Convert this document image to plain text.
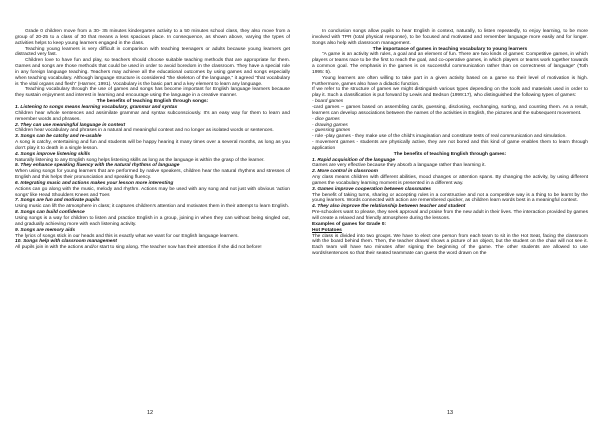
Grade 0 children move from a 30- 35 minutes kindergarten activity to a 50 minutes school class, they also move from a group of 20-25 to a class of 30 that means a less spacious place. In consequence, as shown above, varying the types of activities helps to keep young learners engaged in the class.

Teaching young learners is very difficult in comparison with teaching teenagers or adults because young learners get distracted very fast.

Children love to have fun and play, so teachers should choose suitable teaching methods that are appropriate for them. Games and songs are those methods that could be used in order to avoid boredom in the classroom. They have a special role in any foreign language teaching. Teachers may achieve all the educational outcomes by using games and songs especially when teaching vocabulary. Although language structure is considered “the skeleton of the language,” it agreed “that vocabulary is ‘the vital organs and flesh” (Harmer, 1991). Vocabulary is the basic part and a key element to learn any language.

Teaching vocabulary through the use of games and songs has become important for English language learners because they sustain enjoyment and interest in learning and encourage using the language in a creative manner.

The benefits of teaching English through songs:

1. Listening to songs means learning vocabulary, grammar and syntax

Children hear whole sentences and assimilate grammar and syntax subconsciously. It’s an easy way for them to learn and remember words and phrases.

2. They can use meaningful language in context

Children hear vocabulary and phrases in a natural and meaningful context and no longer as isolated words or sentences.

3. Songs can be catchy and re-usable

A song is catchy, entertaining and fun and students will be happy hearing it many times over a several months, as long as you don’t play it to death in a single lesson.

4. Songs improve listening skills

Naturally listening to any English song helps listening skills as long as the language is within the grasp of the learner.

5. They enhance speaking fluency with the natural rhythms of language

When using songs for young learners that are performed by native speakers, children hear the natural rhythms and stresses of English and this helps their pronunciation and speaking fluency.

6. Integrating music and actions makes your lesson more interesting

Actions can go along with the music, melody and rhythm. Actions may be used with any song and not just with obvious ‘action songs’ like Head Shoulders Knees and Toes

7. Songs are fun and motivate pupils

Using music can lift the atmosphere in class; it captures children’s attention and motivates them in their attempt to learn English.

8. Songs can build confidence

Using songs is a way for children to listen and practice English in a group, joining in when they can without being singled out, and gradually achieving more with each listening activity.

9. Songs are memory aids

The lyrics of songs stick in our heads and this is exactly what we want for our English language learners.

10. Songs help with classroom management

All pupils join in with the actions and/or start to sing along. The teacher now has their attention if she did not before!

12

In conclusion songs allow pupils to hear English in context, naturally, to listen repeatedly, to enjoy learning, to be more involved with TPR (total physical response), to be focused and motivated and remember language more easily and for longer. Songs also help with classroom management.

The importance of games in teaching vocabulary to young learners

“A game is an activity with rules, a goal and an element of fun. There are two kinds of games: Competitive games, in which players or teams race to be the first to reach the goal, and co-operative games, in which players or teams work together towards a common goal. The emphasis in the games is on successful communication rather than on correctness of language” (Toth 1995: 5).

Young learners are often willing to take part in a given activity based on a game so their level of motivation is high. Furthermore, games also have a didactic function.

If we refer to the structure of games we might distinguish various types depending on the tools and materials used in order to play it. Such a classification is put forward by Lewis and Bedson (1999:17), who distinguished the following types of games:

- board games

-card games – games based on assembling cards, guessing, disclosing, exchanging, sorting, and counting them. As a result, learners can develop associations between the names of the activities in English, the pictures and the subsequent movement.

- dice games

- drawing games

- guessing games

- role -play games - they make use of the child’s imagination and constitute tests of real communication and simulation.

- movement games - students are physically active, they are not bored and this kind of game enables them to learn through application

The benefits of teaching English through games:

1. Rapid acquisition of the language

Games are very effective because they absorb a language rather than learning it.

2. More control in classroom

Any class means children with different abilities, mood changes or attention spans. By changing the activity, by using different games the vocabulary learning moment is presented in a different way.

3. Games improve cooperation between classmates

The benefit of taking turns, sharing or accepting rules in a constructive and not a competitive way is a thing to be learnt by the young learners. Words connected with action are remembered quicker, as children learn words best in a meaningful context.

4. They also improve the relationship between teacher and student

Pre-schoolers want to please, they seek approval and praise from the new adult in their lives. The interaction provided by games will create a relaxed and friendly atmosphere during the lessons.

Examples of games for Grade 0:

Hot Potatoes

The class is divided into two groups. We have to elect one person from each team to sit in the Hot Seat, facing the classroom with the board behind them. Then, the teacher draws/ shows a picture of an object, but the student on the chair will not see it. Each team will have two minutes after signing the beginning of the game. The other students are allowed to use words/sentences so that their seated teammate can guess the word drawn on the

13
